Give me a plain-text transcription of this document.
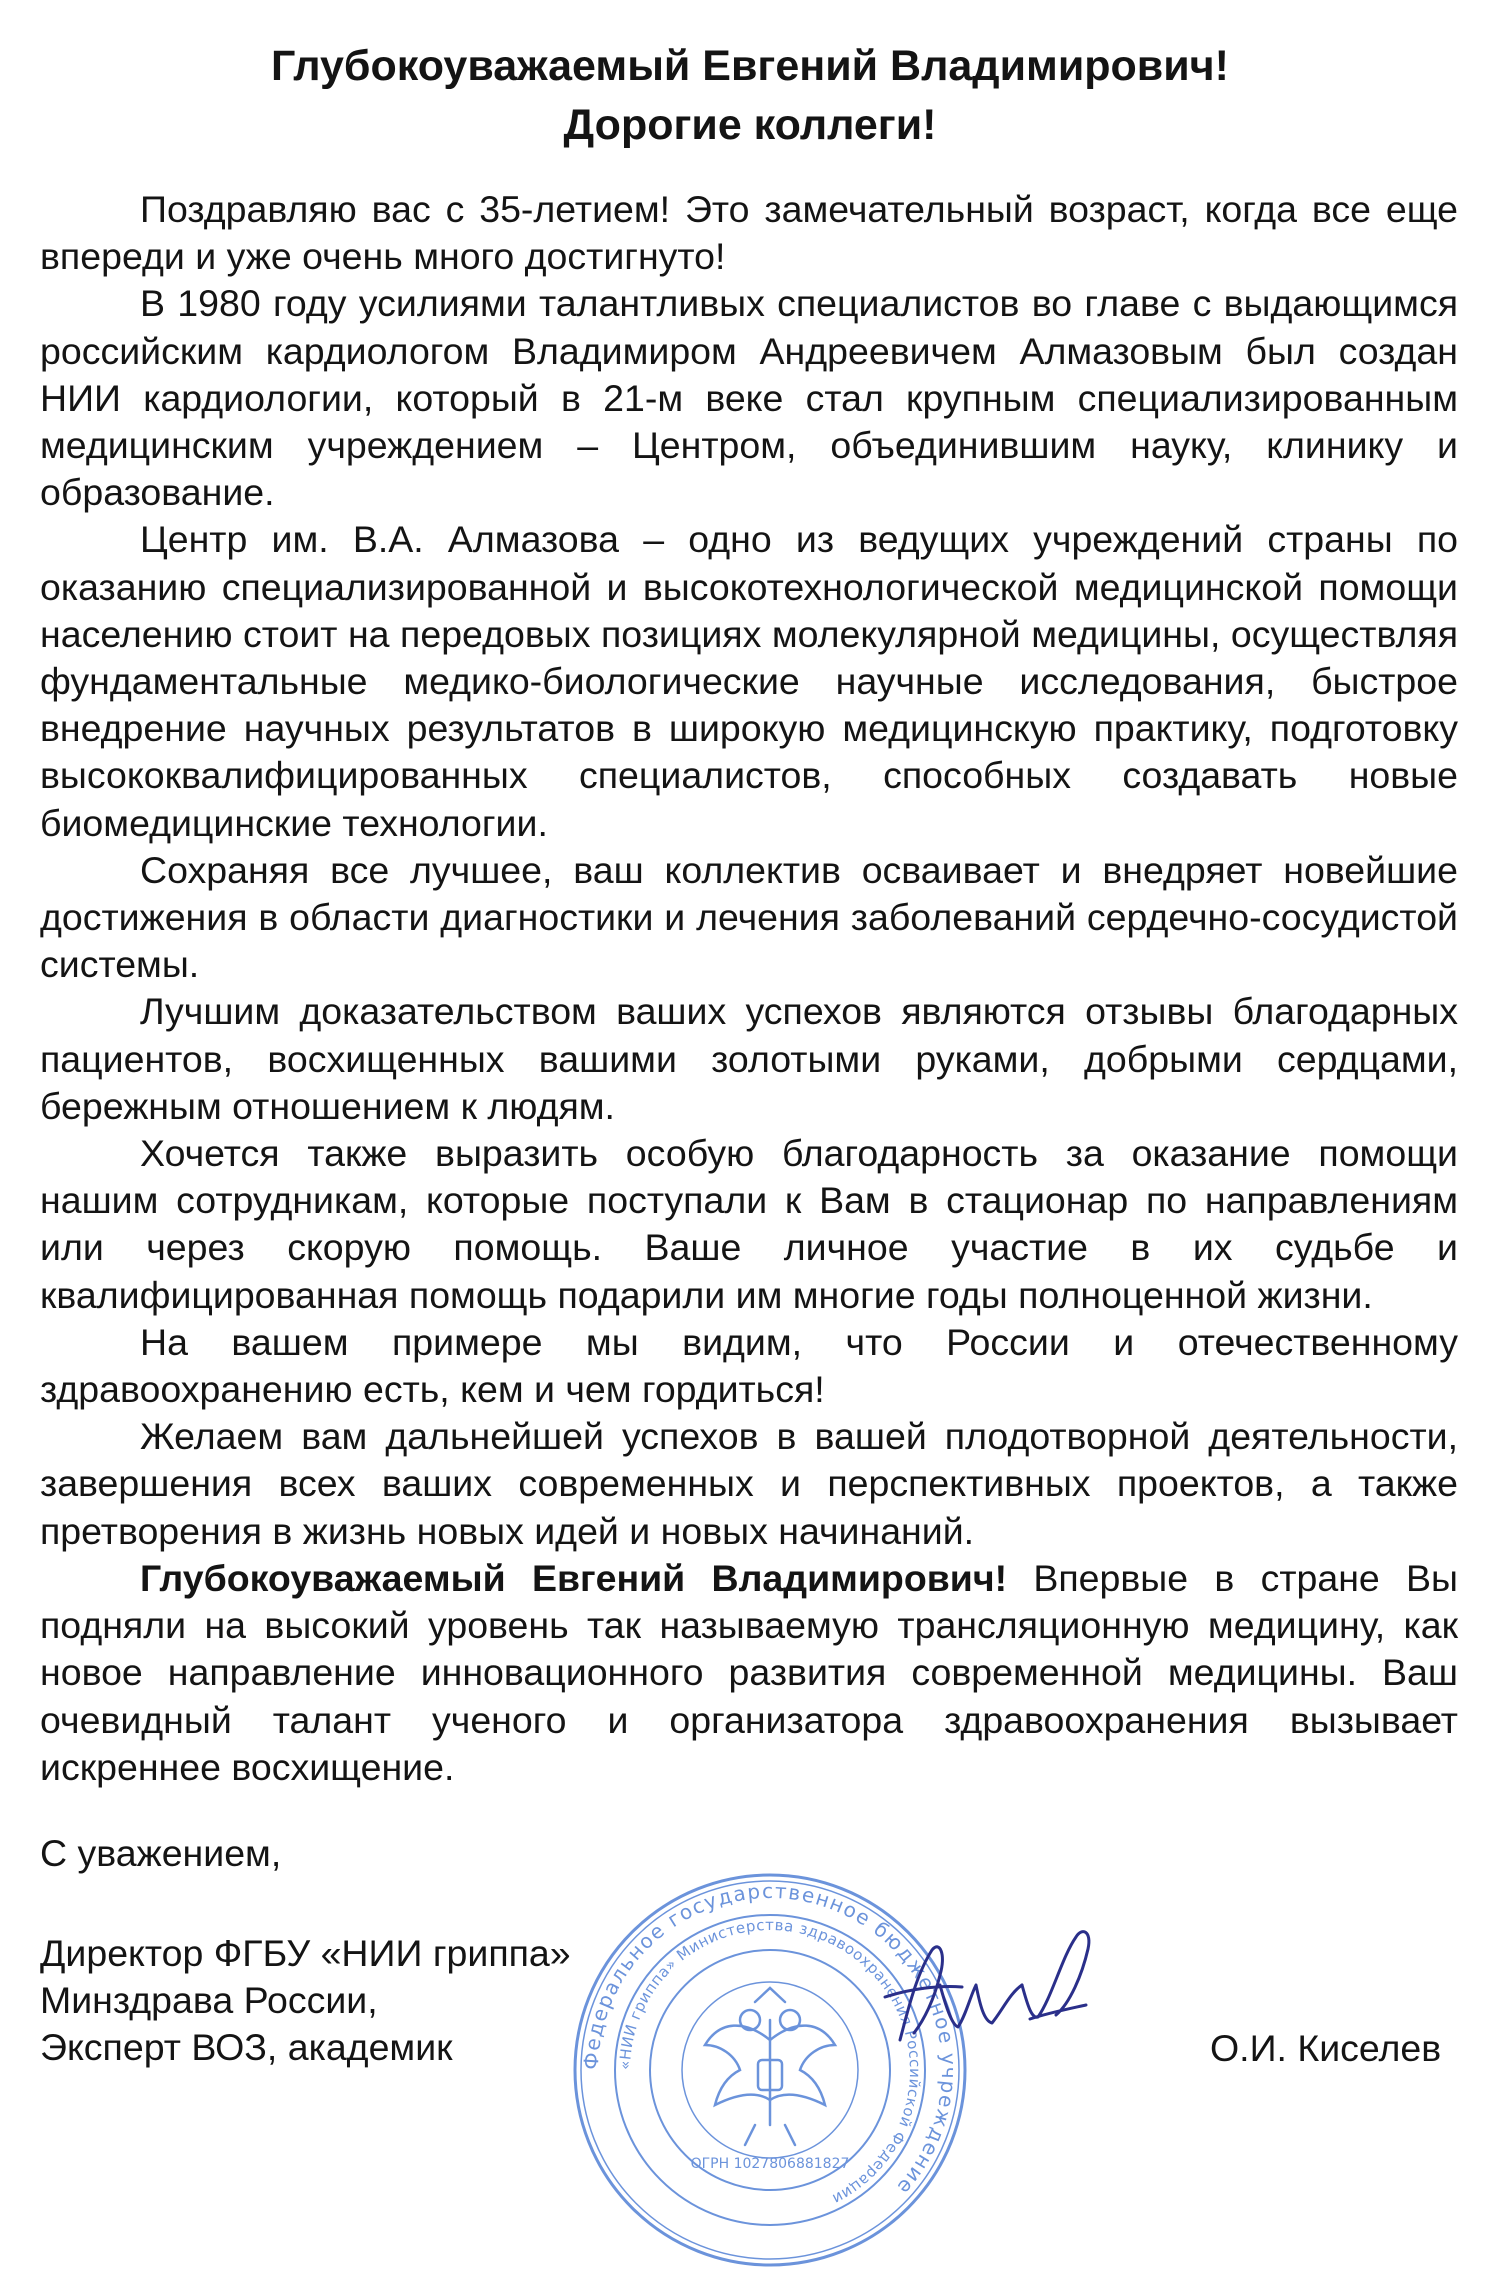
Глубокоуважаемый Евгений Владимирович!
Дорогие коллеги!

Поздравляю вас с 35-летием! Это замечательный возраст, когда все еще впереди и уже очень много достигнуто!

В 1980 году усилиями талантливых специалистов во главе с выдающимся российским кардиологом Владимиром Андреевичем Алмазовым был создан НИИ кардиологии, который в 21-м веке стал крупным специализированным медицинским учреждением – Центром, объединившим науку, клинику и образование.

Центр им. В.А. Алмазова – одно из ведущих учреждений страны по оказанию специализированной и высокотехнологической медицинской помощи населению стоит на передовых позициях молекулярной медицины, осуществляя фундаментальные медико-биологические научные исследования, быстрое внедрение научных результатов в широкую медицинскую практику, подготовку высококвалифицированных специалистов, способных создавать новые биомедицинские технологии.

Сохраняя все лучшее, ваш коллектив осваивает и внедряет новейшие достижения в области диагностики и лечения заболеваний сердечно-сосудистой системы.

Лучшим доказательством ваших успехов являются отзывы благодарных пациентов, восхищенных вашими золотыми руками, добрыми сердцами, бережным отношением к людям.

Хочется также выразить особую благодарность за оказание помощи нашим сотрудникам, которые поступали к Вам в стационар по направлениям или через скорую помощь. Ваше личное участие в их судьбе и квалифицированная помощь подарили им многие годы полноценной жизни.

На вашем примере мы видим, что России и отечественному здравоохранению есть, кем и чем гордиться!

Желаем вам дальнейшей успехов в вашей плодотворной деятельности, завершения всех ваших современных и перспективных проектов, а также претворения в жизнь новых идей и новых начинаний.

Глубокоуважаемый Евгений Владимирович! Впервые в стране Вы подняли на высокий уровень так называемую трансляционную медицину, как новое направление инновационного развития современной медицины. Ваш очевидный талант ученого и организатора здравоохранения вызывает искреннее восхищение.

С уважением,
Директор ФГБУ «НИИ гриппа»
Минздрава России,
Эксперт ВОЗ, академик	Федеральное государственное бюджетное учреждение
«НИИ гриппа» Министерства здравоохранения Российской Федерации
ОГРН 1027806881827
О.И. Киселев
